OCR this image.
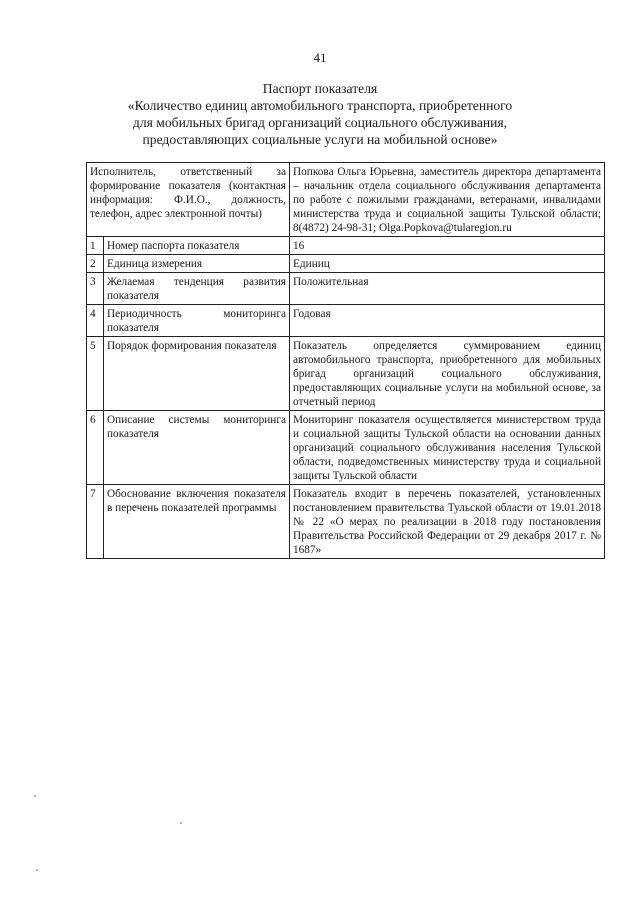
41
Паспорт показателя
«Количество единиц автомобильного транспорта, приобретенного
для мобильных бригад организаций социального обслуживания,
предоставляющих социальные услуги на мобильной основе»
Исполнитель, ответственный за формирование показателя (контактная информация: Ф.И.О., должность, телефон, адрес электронной почты)		Попкова Ольга Юрьевна, заместитель директора департамента – начальник отдела социального обслуживания департамента по работе с пожилыми гражданами, ветеранами, инвалидами министерства труда и социальной защиты Тульской области; 8(4872) 24-98-31; Olga.Popkova@tularegion.ru
1	Номер паспорта показателя	16
2	Единица измерения	Единиц
3	Желаемая тенденция развития показателя	Положительная
4	Периодичность мониторинга показателя	Годовая
5	Порядок формирования показателя	Показатель определяется суммированием единиц автомобильного транспорта, приобретенного для мобильных бригад организаций социального обслуживания, предоставляющих социальные услуги на мобильной основе, за отчетный период
6	Описание системы мониторинга показателя	Мониторинг показателя осуществляется министерством труда и социальной защиты Тульской области на основании данных организаций социального обслуживания населения Тульской области, подведомственных министерству труда и социальной защиты Тульской области
7	Обоснование включения показателя в перечень показателей программы	Показатель входит в перечень показателей, установленных постановлением правительства Тульской области от 19.01.2018 № 22 «О мерах по реализации в 2018 году постановления Правительства Российской Федерации от 29 декабря 2017 г. № 1687»
